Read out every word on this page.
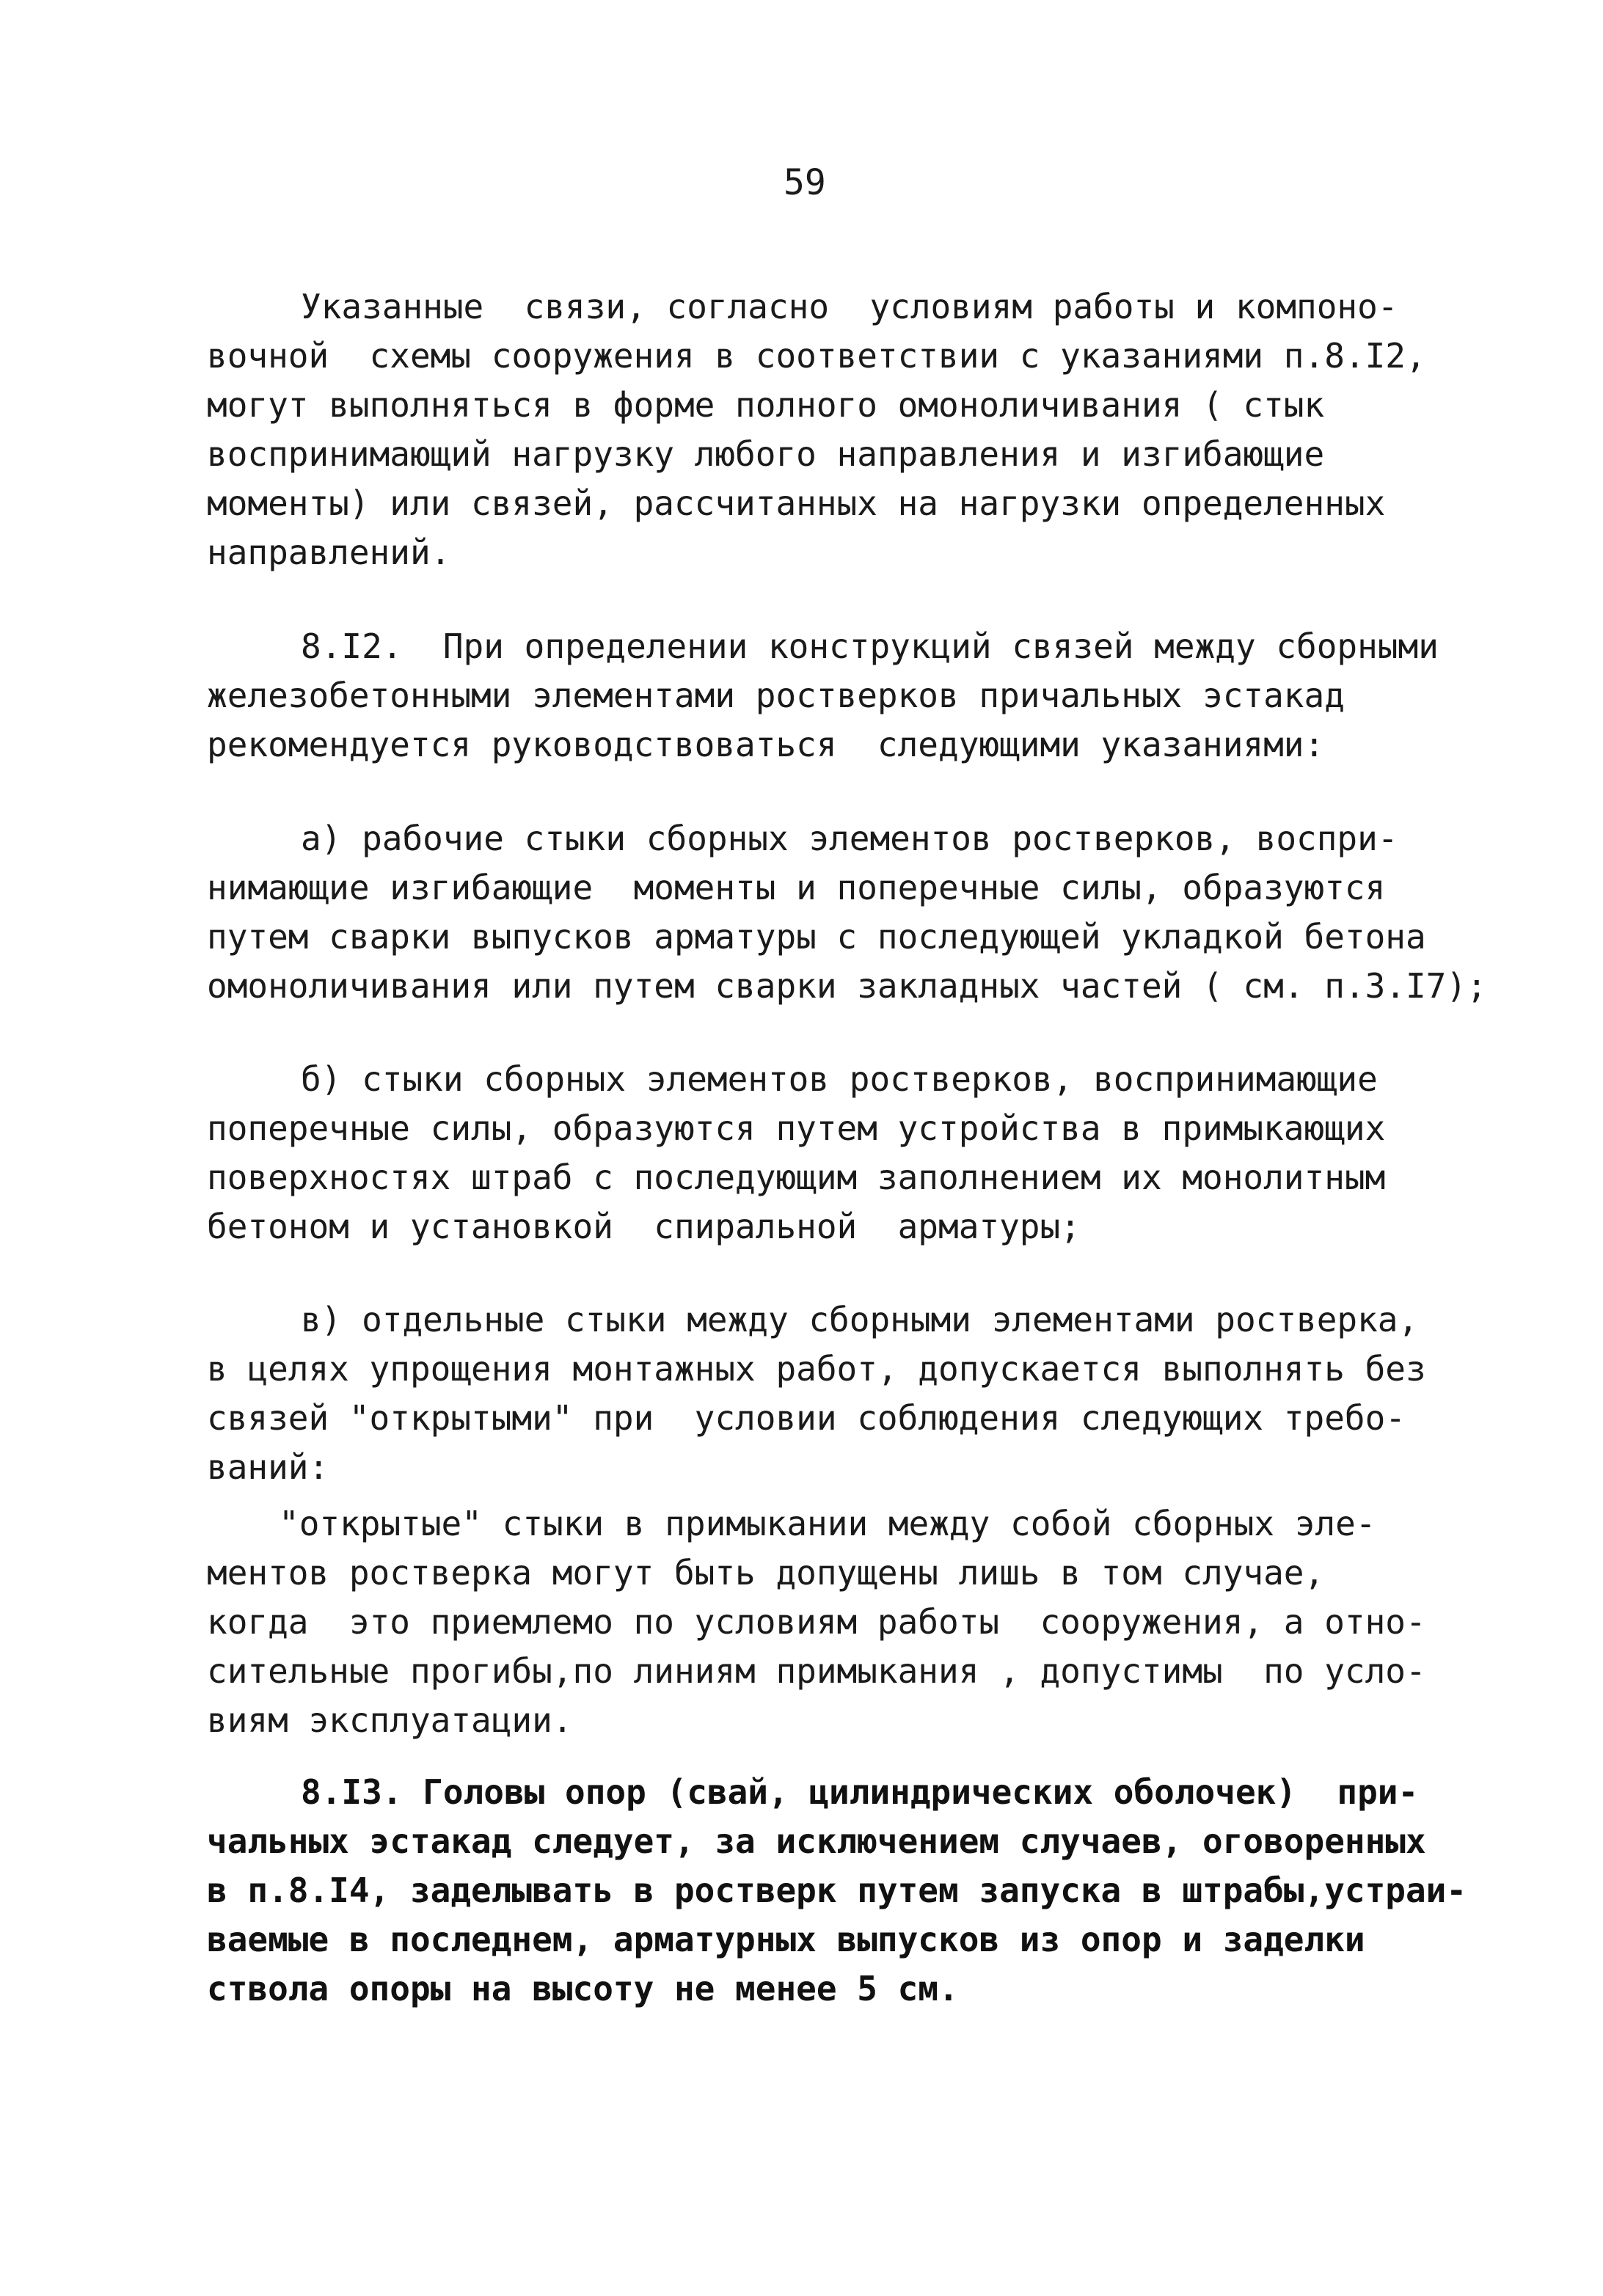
59
Указанные  связи, согласно  условиям работы и компоно-
вочной  схемы сооружения в соответствии с указаниями п.8.I2,
могут выполняться в форме полного омоноличивания ( стык
воспринимающий нагрузку любого направления и изгибающие
моменты) или связей, рассчитанных на нагрузки определенных
направлений.
8.I2.  При определении конструкций связей между сборными
железобетонными элементами ростверков причальных эстакад
рекомендуется руководствоваться  следующими указаниями:
а) рабочие стыки сборных элементов ростверков, воспри-
нимающие изгибающие  моменты и поперечные силы, образуются
путем сварки выпусков арматуры с последующей укладкой бетона
омоноличивания или путем сварки закладных частей ( см. п.3.I7);
б) стыки сборных элементов ростверков, воспринимающие
поперечные силы, образуются путем устройства в примыкающих
поверхностях штраб с последующим заполнением их монолитным
бетоном и установкой  спиральной  арматуры;
в) отдельные стыки между сборными элементами ростверка,
в целях упрощения монтажных работ, допускается выполнять без
связей "открытыми" при  условии соблюдения следующих требо-
ваний:
"открытые" стыки в примыкании между собой сборных эле-
ментов ростверка могут быть допущены лишь в том случае,
когда  это приемлемо по условиям работы  сооружения, а отно-
сительные прогибы,по линиям примыкания , допустимы  по усло-
виям эксплуатации.
8.I3. Головы опор (свай, цилиндрических оболочек)  при-
чальных эстакад следует, за исключением случаев, оговоренных
в п.8.I4, заделывать в ростверк путем запуска в штрабы,устраи-
ваемые в последнем, арматурных выпусков из опор и заделки
ствола опоры на высоту не менее 5 см.
